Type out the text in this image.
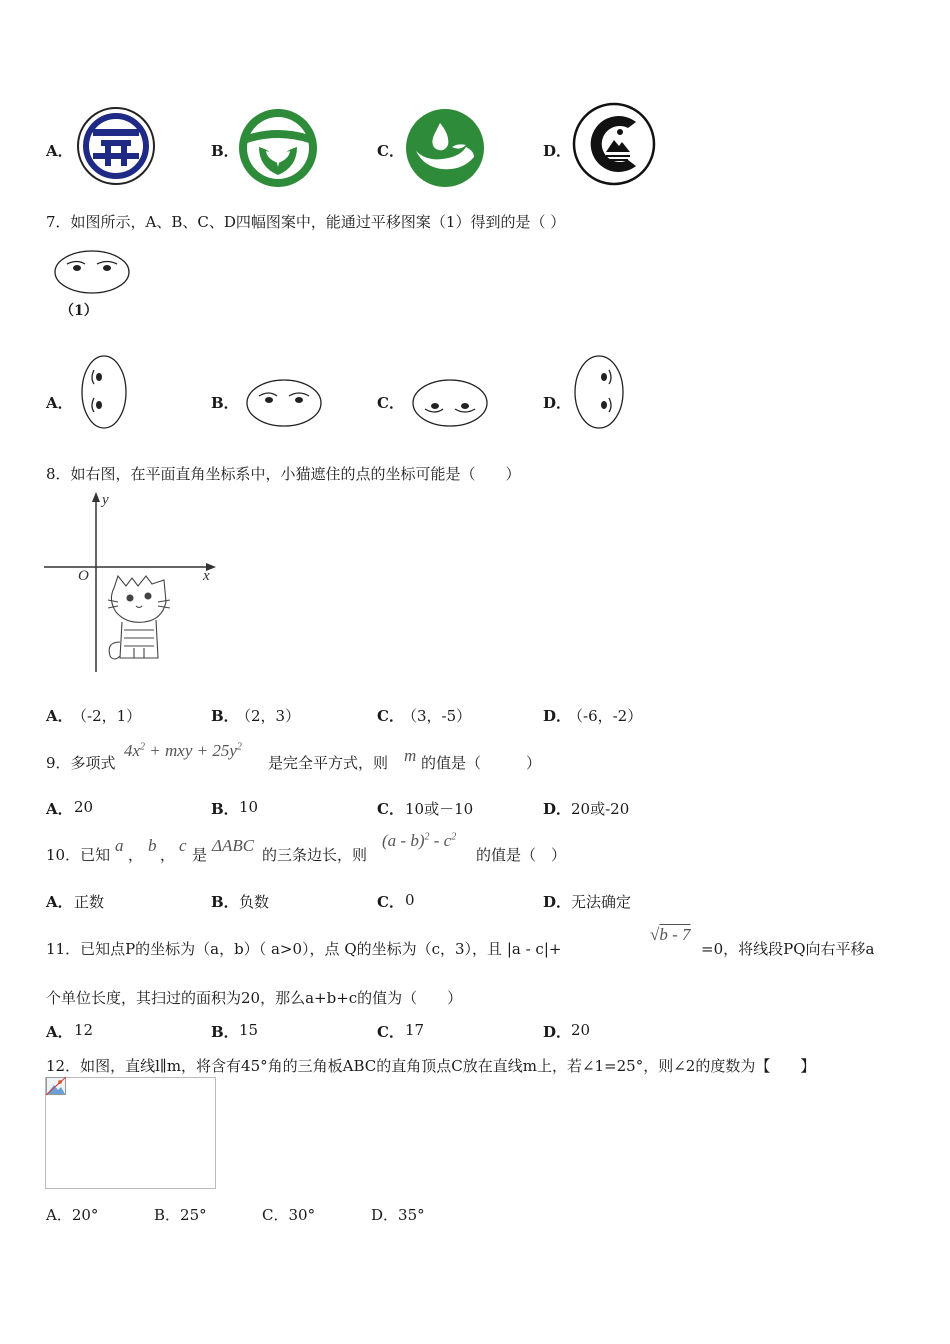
A．	B．	C．	D．
7．如图所示，A、B、C、D四幅图案中，能通过平移图案（1）得到的是（ ）
（1）
A．	B．	C．	D．
8．如右图，在平面直角坐标系中，小猫遮住的点的坐标可能是（　　）
y
x
O
A． （-2，1）	B．
（2，3）	C．
（3，-5）	D．
（-6，-2）
9．多项式
$4x^2$ + mxy + $25y^2$
是完全平方式，则 m 的值是（　　　）
A． 20	B． 10	C． 10或－10	D． 20或-20
10．已知 a ， b ， c 是 ΔABC 的三条边长，则
$(a - b)^2 - c^2$
的值是（　）
A． 正数	B． 负数	C． 0	D． 无法确定
11．已知点P的坐标为（a，b）（ a>0），点 Q的坐标为（c，3），且 |a - c|+
√b - 7
=0，将线段PQ向右平移a
个单位长度，其扫过的面积为20，那么a+b+c的值为（　　）
A． 12	B． 15	C． 17	D． 20
12．如图，直线l∥m，将含有45°角的三角板ABC的直角顶点C放在直线m上，若∠1=25°，则∠2的度数为【　　】
A．20°	B．25°	C．30°	D．35°
